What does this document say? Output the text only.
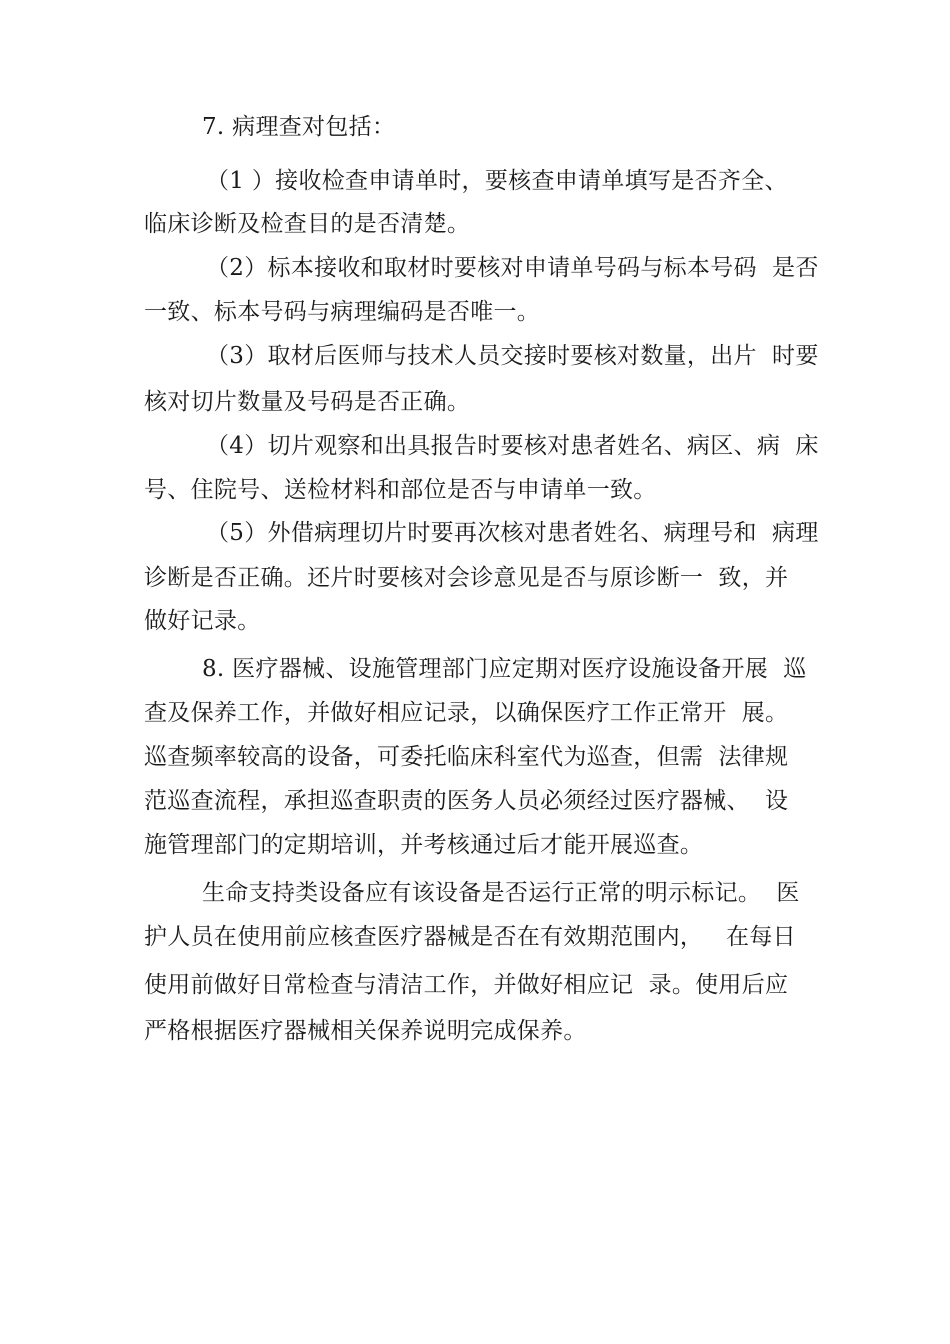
7. 病理查对包括：
（1 ）接收检查申请单时，要核查申请单填写是否齐全、
临床诊断及检查目的是否清楚。
（2）标本接收和取材时要核对申请单号码与标本号码  是否
一致、标本号码与病理编码是否唯一。
（3）取材后医师与技术人员交接时要核对数量，出片  时要
核对切片数量及号码是否正确。
（4）切片观察和出具报告时要核对患者姓名、病区、病  床
号、住院号、送检材料和部位是否与申请单一致。
（5）外借病理切片时要再次核对患者姓名、病理号和  病理
诊断是否正确。还片时要核对会诊意见是否与原诊断一  致，并
做好记录。
8. 医疗器械、设施管理部门应定期对医疗设施设备开展  巡
查及保养工作，并做好相应记录，以确保医疗工作正常开  展。
巡查频率较高的设备，可委托临床科室代为巡查，但需  法律规
范巡查流程，承担巡查职责的医务人员必须经过医疗器械、  设
施管理部门的定期培训，并考核通过后才能开展巡查。
生命支持类设备应有该设备是否运行正常的明示标记。  医
护人员在使用前应核查医疗器械是否在有效期范围内，   在每日
使用前做好日常检查与清洁工作，并做好相应记  录。使用后应
严格根据医疗器械相关保养说明完成保养。
